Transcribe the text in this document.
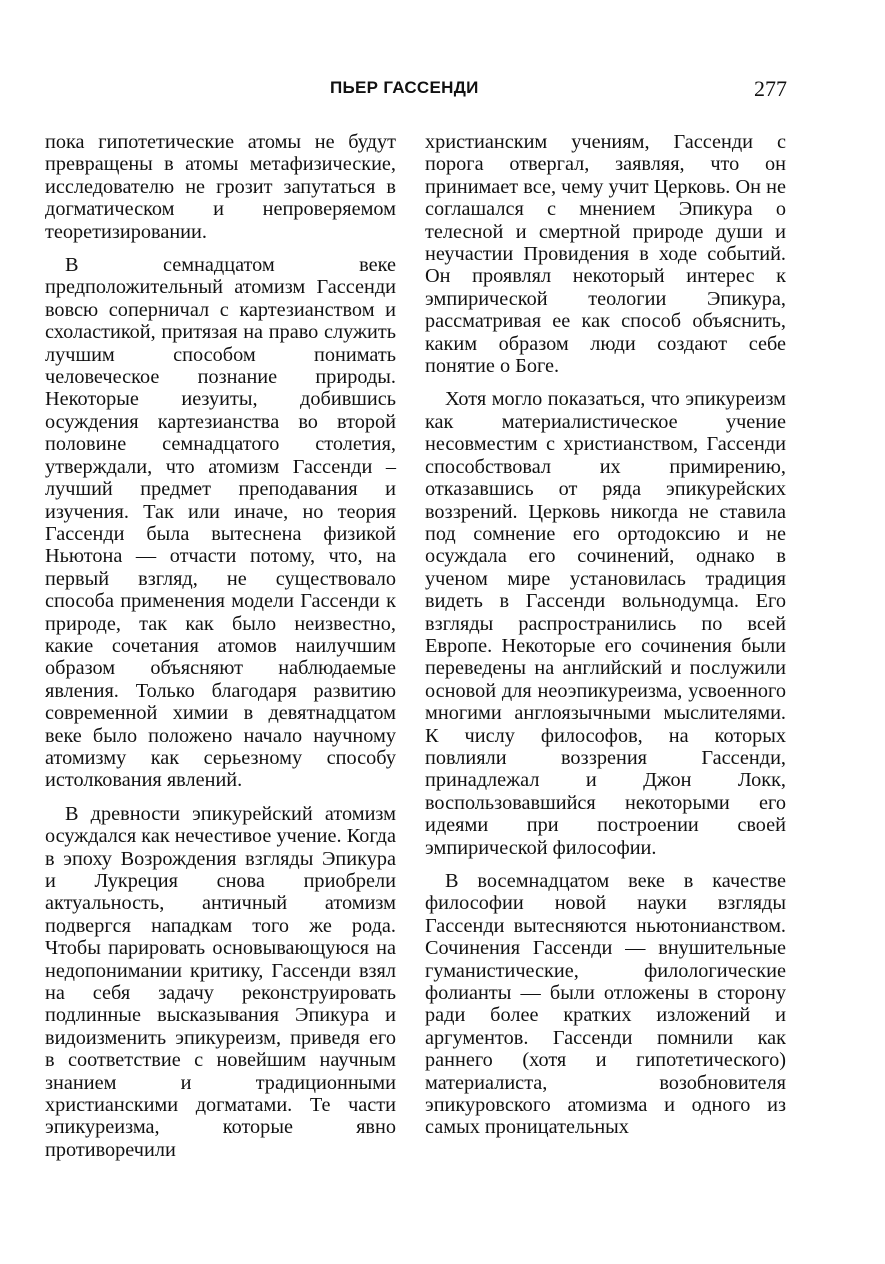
ПЬЕР ГАССЕНДИ	277

пока гипотетические атомы не будут превращены в атомы метафизические, исследователю не грозит запутаться в догматическом и непроверяемом теоретизировании.

В семнадцатом веке предположительный атомизм Гассенди вовсю соперничал с картезианством и схоластикой, притязая на право служить лучшим способом понимать человеческое познание природы. Некоторые иезуиты, добившись осуждения картезианства во второй половине семнадцатого столетия, утверждали, что атомизм Гассенди – лучший предмет преподавания и изучения. Так или иначе, но теория Гассенди была вытеснена физикой Ньютона — отчасти потому, что, на первый взгляд, не существовало способа применения модели Гассенди к природе, так как было неизвестно, какие сочетания атомов наилучшим образом объясняют наблюдаемые явления. Только благодаря развитию современной химии в девятнадцатом веке было положено начало научному атомизму как серьезному способу истолкования явлений.

В древности эпикурейский атомизм осуждался как нечестивое учение. Когда в эпоху Возрождения взгляды Эпикура и Лукреция снова приобрели актуальность, античный атомизм подвергся нападкам того же рода. Чтобы парировать основывающуюся на недопонимании критику, Гассенди взял на себя задачу реконструировать подлинные высказывания Эпикура и видоизменить эпикуреизм, приведя его в соответствие с новейшим научным знанием и традиционными христианскими догматами. Те части эпикуреизма, которые явно противоречили

христианским учениям, Гассенди с порога отвергал, заявляя, что он принимает все, чему учит Церковь. Он не соглашался с мнением Эпикура о телесной и смертной природе души и неучастии Провидения в ходе событий. Он проявлял некоторый интерес к эмпирической теологии Эпикура, рассматривая ее как способ объяснить, каким образом люди создают себе понятие о Боге.

Хотя могло показаться, что эпикуреизм как материалистическое учение несовместим с христианством, Гассенди способствовал их примирению, отказавшись от ряда эпикурейских воззрений. Церковь никогда не ставила под сомнение его ортодоксию и не осуждала его сочинений, однако в ученом мире установилась традиция видеть в Гассенди вольнодумца. Его взгляды распространились по всей Европе. Некоторые его сочинения были переведены на английский и послужили основой для неоэпикуреизма, усвоенного многими англоязычными мыслителями. К числу философов, на которых повлияли воззрения Гассенди, принадлежал и Джон Локк, воспользовавшийся некоторыми его идеями при построении своей эмпирической философии.

В восемнадцатом веке в качестве философии новой науки взгляды Гассенди вытесняются ньютонианством. Сочинения Гассенди — внушительные гуманистические, филологические фолианты — были отложены в сторону ради более кратких изложений и аргументов. Гассенди помнили как раннего (хотя и гипотетического) материалиста, возобновителя эпикуровского атомизма и одного из самых проницательных
